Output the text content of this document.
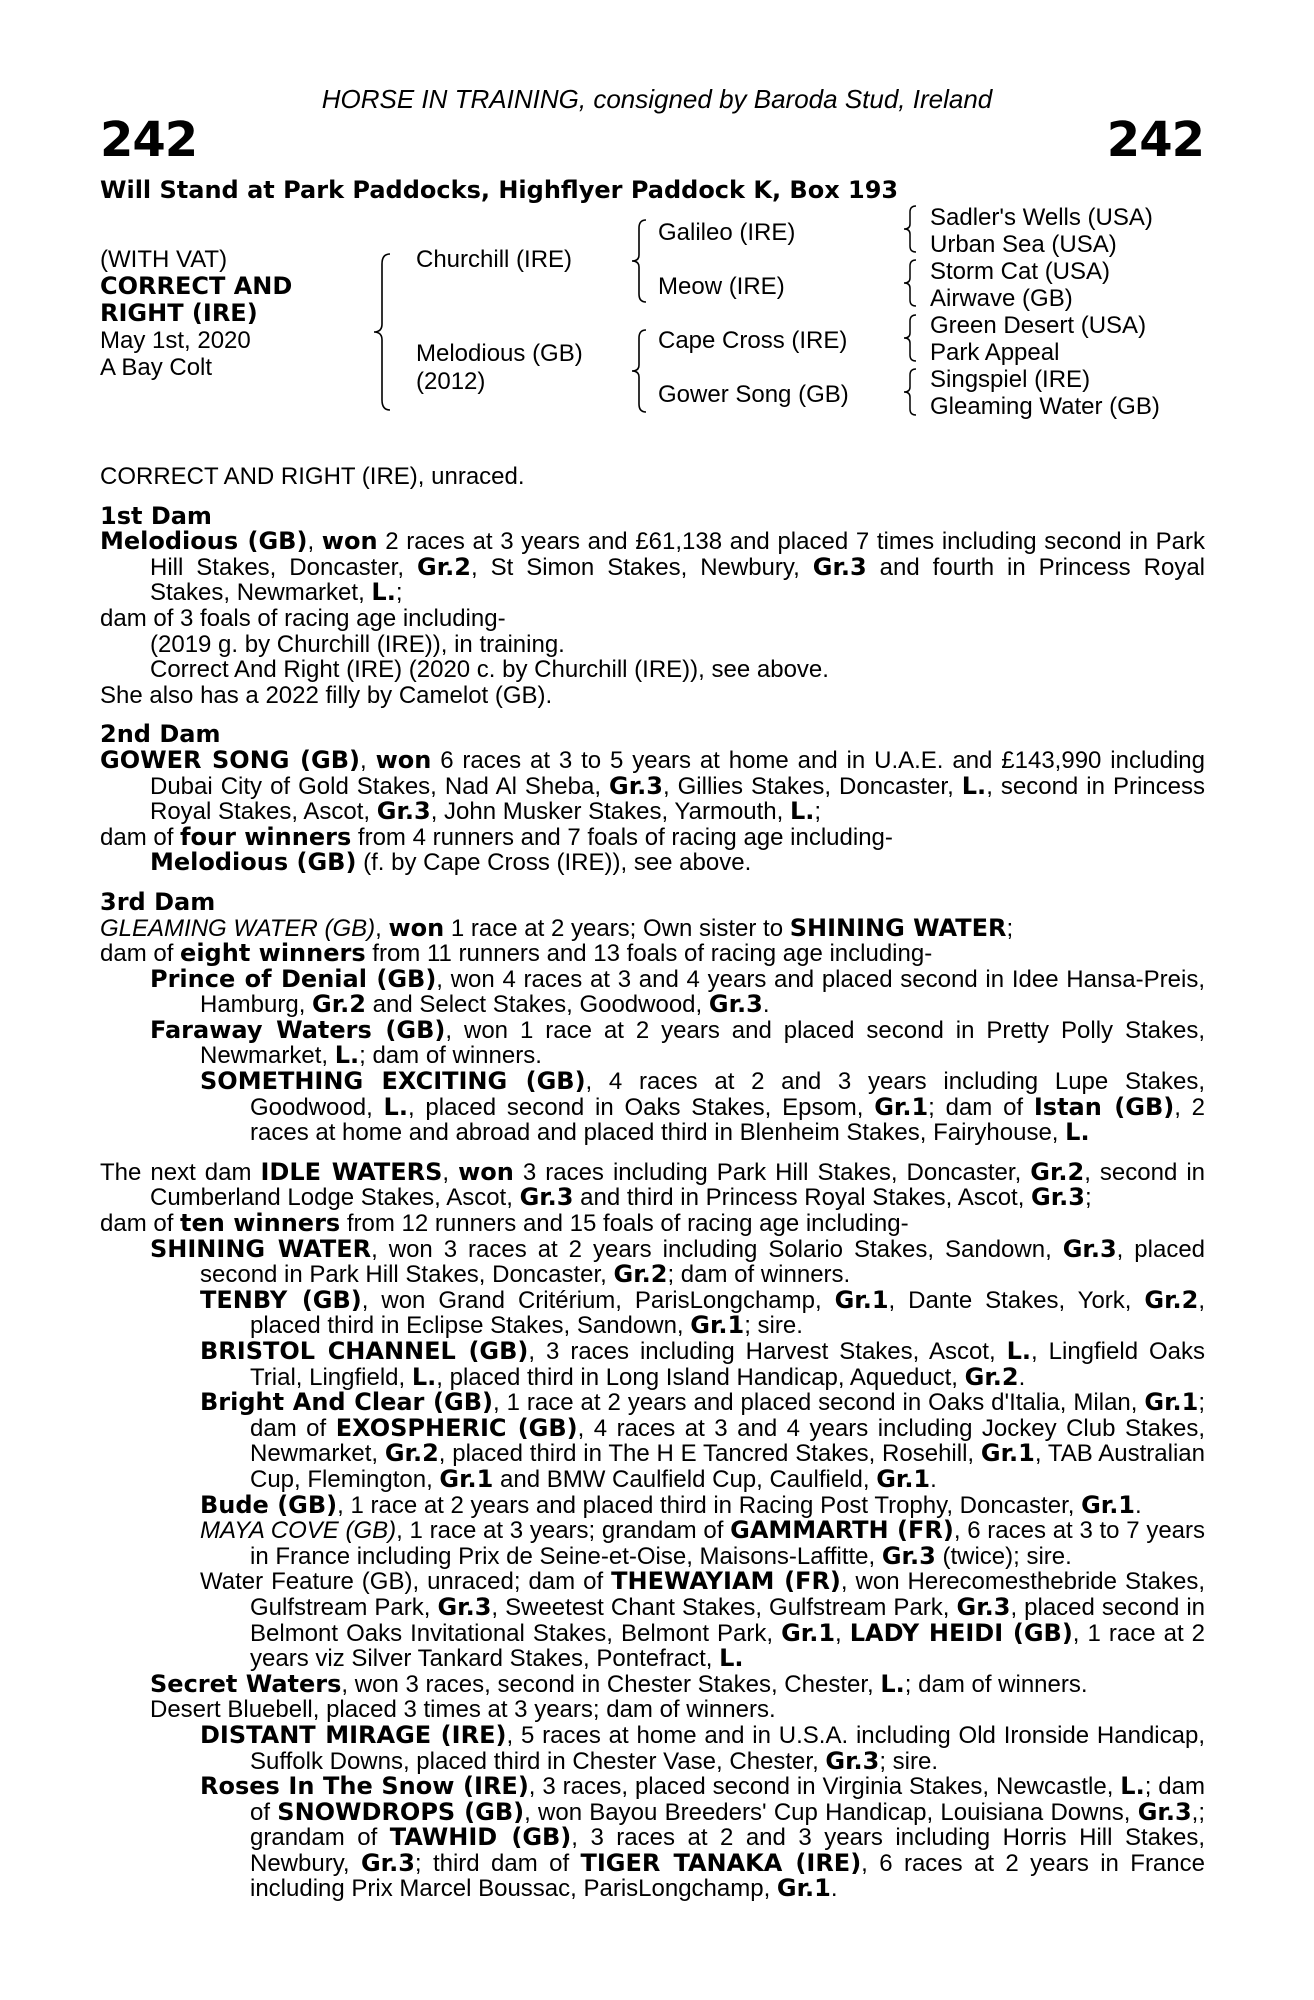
HORSE IN TRAINING, consigned by Baroda Stud, Ireland
242	242
Will Stand at Park Paddocks, Highflyer Paddock K, Box 193
(WITH VAT)
CORRECT AND
RIGHT (IRE)
May 1st, 2020
A Bay Colt
Churchill (IRE)
Melodious (GB)
(2012)
Galileo (IRE)
Meow (IRE)
Cape Cross (IRE)
Gower Song (GB)
Sadler's Wells (USA)
Urban Sea (USA)
Storm Cat (USA)
Airwave (GB)
Green Desert (USA)
Park Appeal
Singspiel (IRE)
Gleaming Water (GB)

CORRECT AND RIGHT (IRE), unraced.

1st Dam

Melodious (GB), won 2 races at 3 years and £61,138 and placed 7 times including second in Park Hill Stakes, Doncaster, Gr.2, St Simon Stakes, Newbury, Gr.3 and fourth in Princess Royal Stakes, Newmarket, L.;

dam of 3 foals of racing age including-

(2019 g. by Churchill (IRE)), in training.

Correct And Right (IRE) (2020 c. by Churchill (IRE)), see above.

She also has a 2022 filly by Camelot (GB).

2nd Dam

GOWER SONG (GB), won 6 races at 3 to 5 years at home and in U.A.E. and £143,990 including Dubai City of Gold Stakes, Nad Al Sheba, Gr.3, Gillies Stakes, Doncaster, L., second in Princess Royal Stakes, Ascot, Gr.3, John Musker Stakes, Yarmouth, L.;

dam of four winners from 4 runners and 7 foals of racing age including-

Melodious (GB) (f. by Cape Cross (IRE)), see above.

3rd Dam

GLEAMING WATER (GB), won 1 race at 2 years; Own sister to SHINING WATER;

dam of eight winners from 11 runners and 13 foals of racing age including-

Prince of Denial (GB), won 4 races at 3 and 4 years and placed second in Idee Hansa-Preis, Hamburg, Gr.2 and Select Stakes, Goodwood, Gr.3.

Faraway Waters (GB), won 1 race at 2 years and placed second in Pretty Polly Stakes, Newmarket, L.; dam of winners.

SOMETHING EXCITING (GB), 4 races at 2 and 3 years including Lupe Stakes, Goodwood, L., placed second in Oaks Stakes, Epsom, Gr.1; dam of Istan (GB), 2 races at home and abroad and placed third in Blenheim Stakes, Fairyhouse, L.

The next dam IDLE WATERS, won 3 races including Park Hill Stakes, Doncaster, Gr.2, second in Cumberland Lodge Stakes, Ascot, Gr.3 and third in Princess Royal Stakes, Ascot, Gr.3;

dam of ten winners from 12 runners and 15 foals of racing age including-

SHINING WATER, won 3 races at 2 years including Solario Stakes, Sandown, Gr.3, placed second in Park Hill Stakes, Doncaster, Gr.2; dam of winners.

TENBY (GB), won Grand Critérium, ParisLongchamp, Gr.1, Dante Stakes, York, Gr.2, placed third in Eclipse Stakes, Sandown, Gr.1; sire.

BRISTOL CHANNEL (GB), 3 races including Harvest Stakes, Ascot, L., Lingfield Oaks Trial, Lingfield, L., placed third in Long Island Handicap, Aqueduct, Gr.2.

Bright And Clear (GB), 1 race at 2 years and placed second in Oaks d'Italia, Milan, Gr.1; dam of EXOSPHERIC (GB), 4 races at 3 and 4 years including Jockey Club Stakes, Newmarket, Gr.2, placed third in The H E Tancred Stakes, Rosehill, Gr.1, TAB Australian Cup, Flemington, Gr.1 and BMW Caulfield Cup, Caulfield, Gr.1.

Bude (GB), 1 race at 2 years and placed third in Racing Post Trophy, Doncaster, Gr.1.

MAYA COVE (GB), 1 race at 3 years; grandam of GAMMARTH (FR), 6 races at 3 to 7 years in France including Prix de Seine-et-Oise, Maisons-Laffitte, Gr.3 (twice); sire.

Water Feature (GB), unraced; dam of THEWAYIAM (FR), won Herecomesthebride Stakes, Gulfstream Park, Gr.3, Sweetest Chant Stakes, Gulfstream Park, Gr.3, placed second in Belmont Oaks Invitational Stakes, Belmont Park, Gr.1, LADY HEIDI (GB), 1 race at 2 years viz Silver Tankard Stakes, Pontefract, L.

Secret Waters, won 3 races, second in Chester Stakes, Chester, L.; dam of winners.

Desert Bluebell, placed 3 times at 3 years; dam of winners.

DISTANT MIRAGE (IRE), 5 races at home and in U.S.A. including Old Ironside Handicap, Suffolk Downs, placed third in Chester Vase, Chester, Gr.3; sire.

Roses In The Snow (IRE), 3 races, placed second in Virginia Stakes, Newcastle, L.; dam of SNOWDROPS (GB), won Bayou Breeders' Cup Handicap, Louisiana Downs, Gr.3,; grandam of TAWHID (GB), 3 races at 2 and 3 years including Horris Hill Stakes, Newbury, Gr.3; third dam of TIGER TANAKA (IRE), 6 races at 2 years in France including Prix Marcel Boussac, ParisLongchamp, Gr.1.
